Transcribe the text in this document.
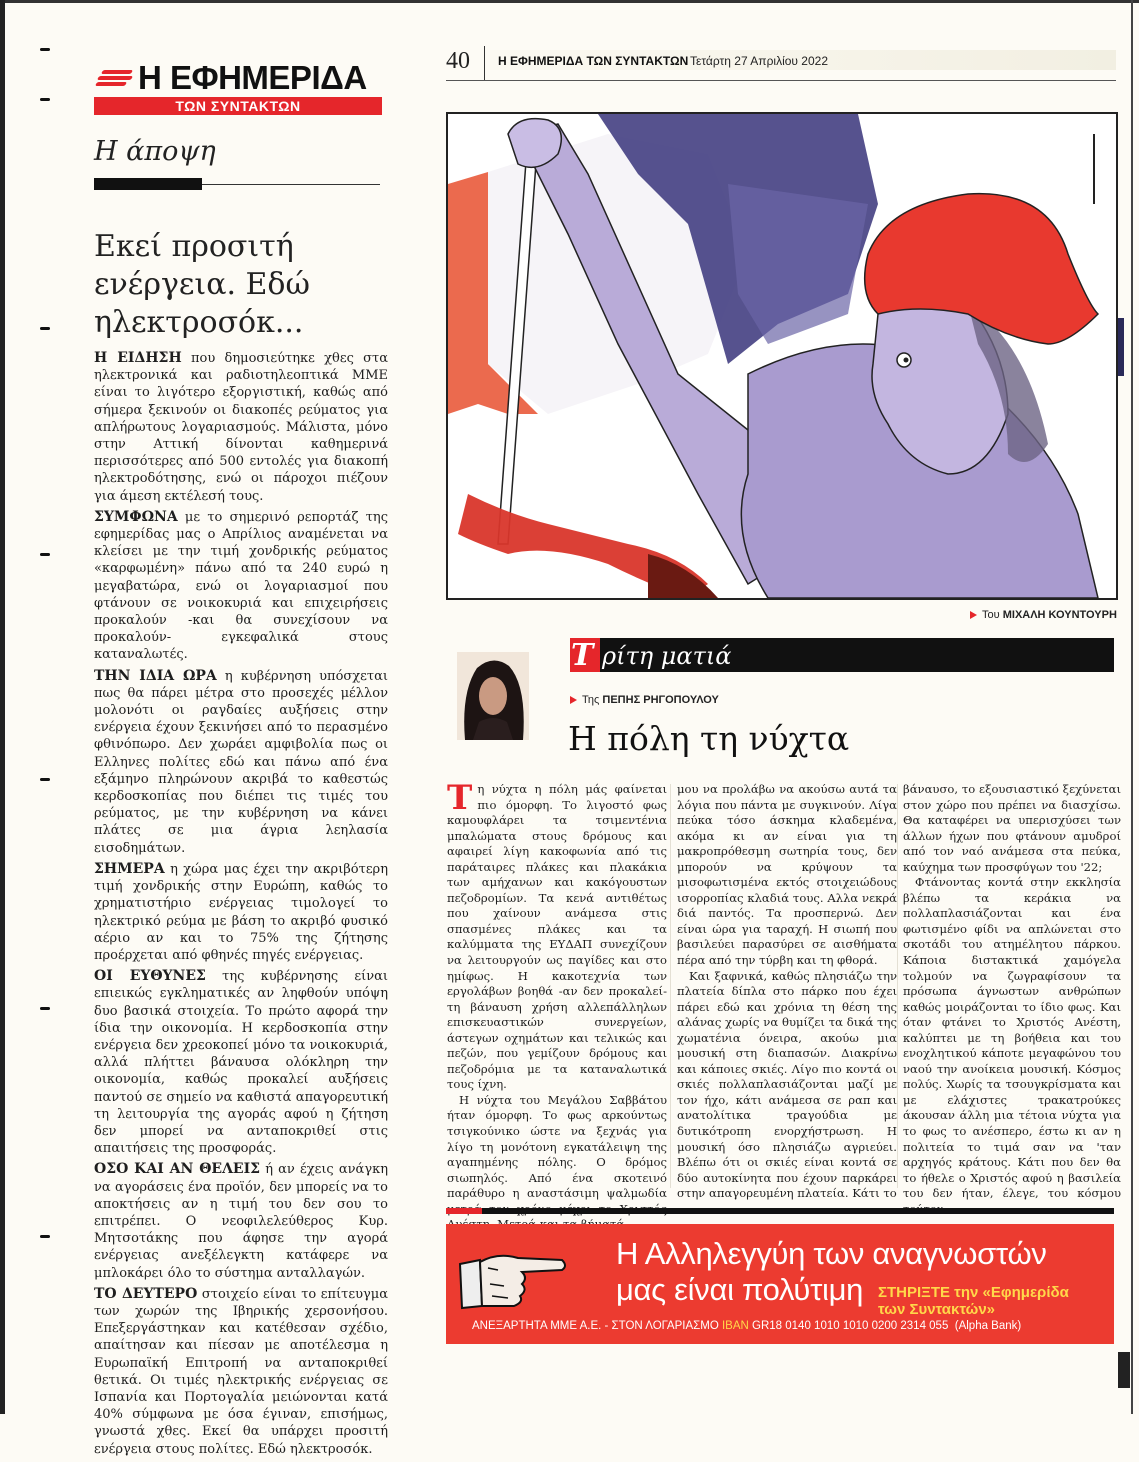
Η ΕΦΗΜΕΡΙΔΑ
ΤΩΝ ΣΥΝΤΑΚΤΩΝ
Η άποψη
Εκεί προσιτή ενέργεια. Εδώ ηλεκτροσόκ...

Η ΕΙΔΗΣΗ που δημοσιεύτηκε χθες στα ηλεκτρονικά και ραδιοτηλεοπτικά ΜΜΕ είναι το λιγότερο εξοργιστική, καθώς από σήμερα ξεκινούν οι διακοπές ρεύματος για απλήρωτους λογαριασμούς. Μάλιστα, μόνο στην Αττική δίνονται καθημερινά περισσότερες από 500 εντολές για διακοπή ηλεκτροδότησης, ενώ οι πάροχοι πιέζουν για άμεση εκτέλεσή τους.

ΣΥΜΦΩΝΑ με το σημερινό ρεπορτάζ της εφημερίδας μας ο Απρίλιος αναμένεται να κλείσει με την τιμή χονδρικής ρεύματος «καρφωμένη» πάνω από τα 240 ευρώ η μεγαβατώρα, ενώ οι λογαριασμοί που φτάνουν σε νοικοκυριά και επιχειρήσεις προκαλούν -και θα συνεχίσουν να προκαλούν- εγκεφαλικά στους καταναλωτές.

ΤΗΝ ΙΔΙΑ ΩΡΑ η κυβέρνηση υπόσχεται πως θα πάρει μέτρα στο προσεχές μέλλον μολονότι οι ραγδαίες αυξήσεις στην ενέργεια έχουν ξεκινήσει από το περασμένο φθινόπωρο. Δεν χωράει αμφιβολία πως οι Ελληνες πολίτες εδώ και πάνω από ένα εξάμηνο πληρώνουν ακριβά το καθεστώς κερδοσκοπίας που διέπει τις τιμές του ρεύματος, με την κυβέρνηση να κάνει πλάτες σε μια άγρια λεηλασία εισοδημάτων.

ΣΗΜΕΡΑ η χώρα μας έχει την ακριβότερη τιμή χονδρικής στην Ευρώπη, καθώς το χρηματιστήριο ενέργειας τιμολογεί το ηλεκτρικό ρεύμα με βάση το ακριβό φυσικό αέριο αν και το 75% της ζήτησης προέρχεται από φθηνές πηγές ενέργειας.

ΟΙ ΕΥΘΥΝΕΣ της κυβέρνησης είναι επιεικώς εγκληματικές αν ληφθούν υπόψη δυο βασικά στοιχεία. Το πρώτο αφορά την ίδια την οικονομία. Η κερδοσκοπία στην ενέργεια δεν χρεοκοπεί μόνο τα νοικοκυριά, αλλά πλήττει βάναυσα ολόκληρη την οικονομία, καθώς προκαλεί αυξήσεις παντού σε σημείο να καθιστά απαγορευτική τη λειτουργία της αγοράς αφού η ζήτηση δεν μπορεί να ανταποκριθεί στις απαιτήσεις της προσφοράς.

ΟΣΟ ΚΑΙ ΑΝ ΘΕΛΕΙΣ ή αν έχεις ανάγκη να αγοράσεις ένα προϊόν, δεν μπορείς να το αποκτήσεις αν η τιμή του δεν σου το επιτρέπει. Ο νεοφιλελεύθερος Κυρ. Μητσοτάκης που άφησε την αγορά ενέργειας ανεξέλεγκτη κατάφερε να μπλοκάρει όλο το σύστημα ανταλλαγών.

ΤΟ ΔΕΥΤΕΡΟ στοιχείο είναι το επίτευγμα των χωρών της Ιβηρικής χερσονήσου. Επεξεργάστηκαν και κατέθεσαν σχέδιο, απαίτησαν και πίεσαν με αποτέλεσμα η Ευρωπαϊκή Επιτροπή να ανταποκριθεί θετικά. Οι τιμές ηλεκτρικής ενέργειας σε Ισπανία και Πορτογαλία μειώνονται κατά 40% σύμφωνα με όσα έγιναν, επισήμως, γνωστά χθες. Εκεί θα υπάρχει προσιτή ενέργεια στους πολίτες. Εδώ ηλεκτροσόκ.

40 Η ΕΦΗΜΕΡΙΔΑ ΤΩΝ ΣΥΝΤΑΚΤΩΝ Τετάρτη 27 Απριλίου 2022
Του ΜΙΧΑΛΗ ΚΟΥΝΤΟΥΡΗ
Τ ρίτη ματιά
Της ΠΕΠΗΣ ΡΗΓΟΠΟΥΛΟΥ
Η πόλη τη νύχτα

Τη νύχτα η πόλη μάς φαίνεται πιο όμορφη. Το λιγοστό φως καμουφλάρει τα τσιμεντένια μπαλώματα στους δρόμους και αφαιρεί λίγη κακοφωνία από τις παράταιρες πλάκες και πλακάκια των αμήχανων και κακόγουστων πεζοδρομίων. Τα κενά αντιθέτως που χαίνουν ανάμεσα στις σπασμένες πλάκες και τα καλύμματα της ΕΥΔΑΠ συνεχίζουν να λειτουργούν ως παγίδες και στο ημίφως. Η κακοτεχνία των εργολάβων βοηθά -αν δεν προκαλεί- τη βάναυση χρήση αλλεπάλληλων επισκευαστικών συνεργείων, άστεγων οχημάτων και τελικώς και πεζών, που γεμίζουν δρόμους και πεζοδρόμια με τα καταναλωτικά τους ίχνη.

Η νύχτα του Μεγάλου Σαββάτου ήταν όμορφη. Το φως αρκούντως τσιγκούνικο ώστε να ξεχνάς για λίγο τη μονότονη εγκατάλειψη της αγαπημένης πόλης. Ο δρόμος σιωπηλός. Από ένα σκοτεινό παράθυρο η αναστάσιμη ψαλμωδία

μου να προλάβω να ακούσω αυτά τα λόγια που πάντα με συγκινούν. Λίγα πεύκα τόσο άσκημα κλαδεμένα, ακόμα κι αν είναι για τη μακροπρόθεσμη σωτηρία τους, δεν μπορούν να κρύψουν τα μισοφωτισμένα εκτός στοιχειώδους ισορροπίας κλαδιά τους. Αλλα νεκρά διά παντός. Τα προσπερνώ. Δεν είναι ώρα για ταραχή. Η σιωπή που βασιλεύει παρασύρει σε αισθήματα πέρα από την τύρβη και τη φθορά.

Και ξαφνικά, καθώς πλησιάζω την πλατεία δίπλα στο πάρκο που έχει πάρει εδώ και χρόνια τη θέση της αλάνας χωρίς να θυμίζει τα δικά της χωματένια όνειρα, ακούω μια μουσική στη διαπασών. Διακρίνω και κάποιες σκιές. Λίγο πιο κοντά οι σκιές πολλαπλασιάζονται μαζί με τον ήχο, κάτι ανάμεσα σε ραπ και ανατολίτικα τραγούδια με δυτικότροπη ενορχήστρωση. Η μουσική όσο πλησιάζω αγριεύει. Βλέπω ότι οι σκιές είναι κοντά σε δύο αυτοκίνητα που έχουν παρκάρει στην απαγορευμένη πλατεία. Κάτι το

βάναυσο, το εξουσιαστικό ξεχύνεται στον χώρο που πρέπει να διασχίσω. Θα καταφέρει να υπερισχύσει των άλλων ήχων που φτάνουν αμυδροί από τον ναό ανάμεσα στα πεύκα, καύχημα των προσφύγων του '22;

Φτάνοντας κοντά στην εκκλησία βλέπω τα κεράκια να πολλαπλασιάζονται και ένα φωτισμένο φίδι να απλώνεται στο σκοτάδι του ατημέλητου πάρκου. Κάποια διστακτικά χαμόγελα τολμούν να ζωγραφίσουν τα πρόσωπα άγνωστων ανθρώπων καθώς μοιράζονται το ίδιο φως. Και όταν φτάνει το Χριστός Ανέστη, καλύπτει με τη βοήθεια και του ενοχλητικού κάποτε μεγαφώνου του ναού την ανοίκεια μουσική. Κόσμος πολύς. Χωρίς τα τσουγκρίσματα και με ελάχιστες τρακατρούκες άκουσαν άλλη μια τέτοια νύχτα για το φως το ανέσπερο, έστω κι αν η πολιτεία το τιμά σαν να 'ταν αρχηγός κράτους. Κάτι που δεν θα το ήθελε ο Χριστός αφού η βασιλεία του δεν ήταν, έλεγε, του κόσμου

Η Αλληλεγγύη των αναγνωστών
μας είναι πολύτιμη ΣΤΗΡΙΞΤΕ την «Εφημερίδα των Συντακτών»
ΑΝΕΞΑΡΤΗΤΑ ΜΜΕ Α.Ε. - ΣΤΟΝ ΛΟΓΑΡΙΑΣΜΟ IBAN GR18 0140 1010 1010 0200 2314 055 (Alpha Bank)
